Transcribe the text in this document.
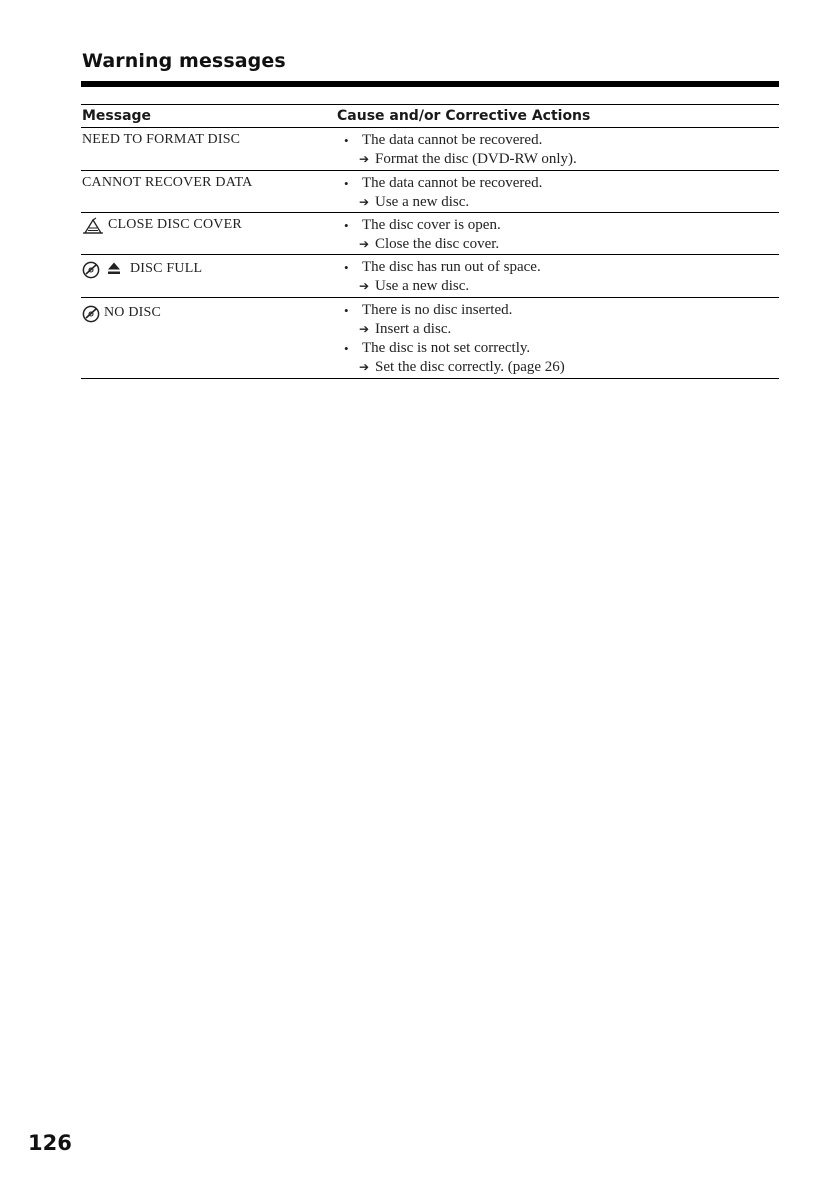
Warning messages
Message	Cause and/or Corrective Actions
NEED TO FORMAT DISC	• The data cannot be recovered.
➔ Format the disc (DVD-RW only).
CANNOT RECOVER DATA	• The data cannot be recovered.
➔ Use a new disc.
CLOSE DISC COVER	• The disc cover is open.
➔ Close the disc cover.
DISC FULL	• The disc has run out of space.
➔ Use a new disc.
NO DISC	• There is no disc inserted.
➔ Insert a disc.
• The disc is not set correctly.
➔ Set the disc correctly. (page 26)

126
